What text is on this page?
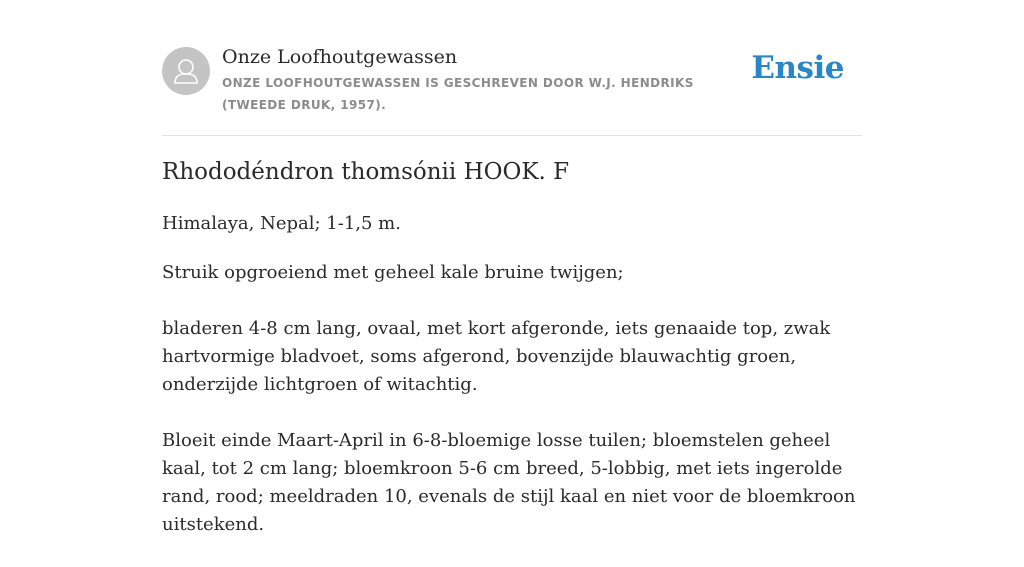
Onze Loofhoutgewassen
ONZE LOOFHOUTGEWASSEN IS GESCHREVEN DOOR W.J. HENDRIKS (TWEEDE DRUK, 1957).
Ensie
Rhododéndron thomsónii HOOK. F

Himalaya, Nepal; 1-1,5 m.

Struik opgroeiend met geheel kale bruine twijgen;

bladeren 4-8 cm lang, ovaal, met kort afgeronde, iets genaaide top, zwak hartvormige bladvoet, soms afgerond, bovenzijde blauwachtig groen, onderzijde lichtgroen of witachtig.

Bloeit einde Maart-April in 6-8-bloemige losse tuilen; bloemstelen geheel kaal, tot 2 cm lang; bloemkroon 5-6 cm breed, 5-lobbig, met iets ingerolde rand, rood; meeldraden 10, evenals de stijl kaal en niet voor de bloemkroon uitstekend.
